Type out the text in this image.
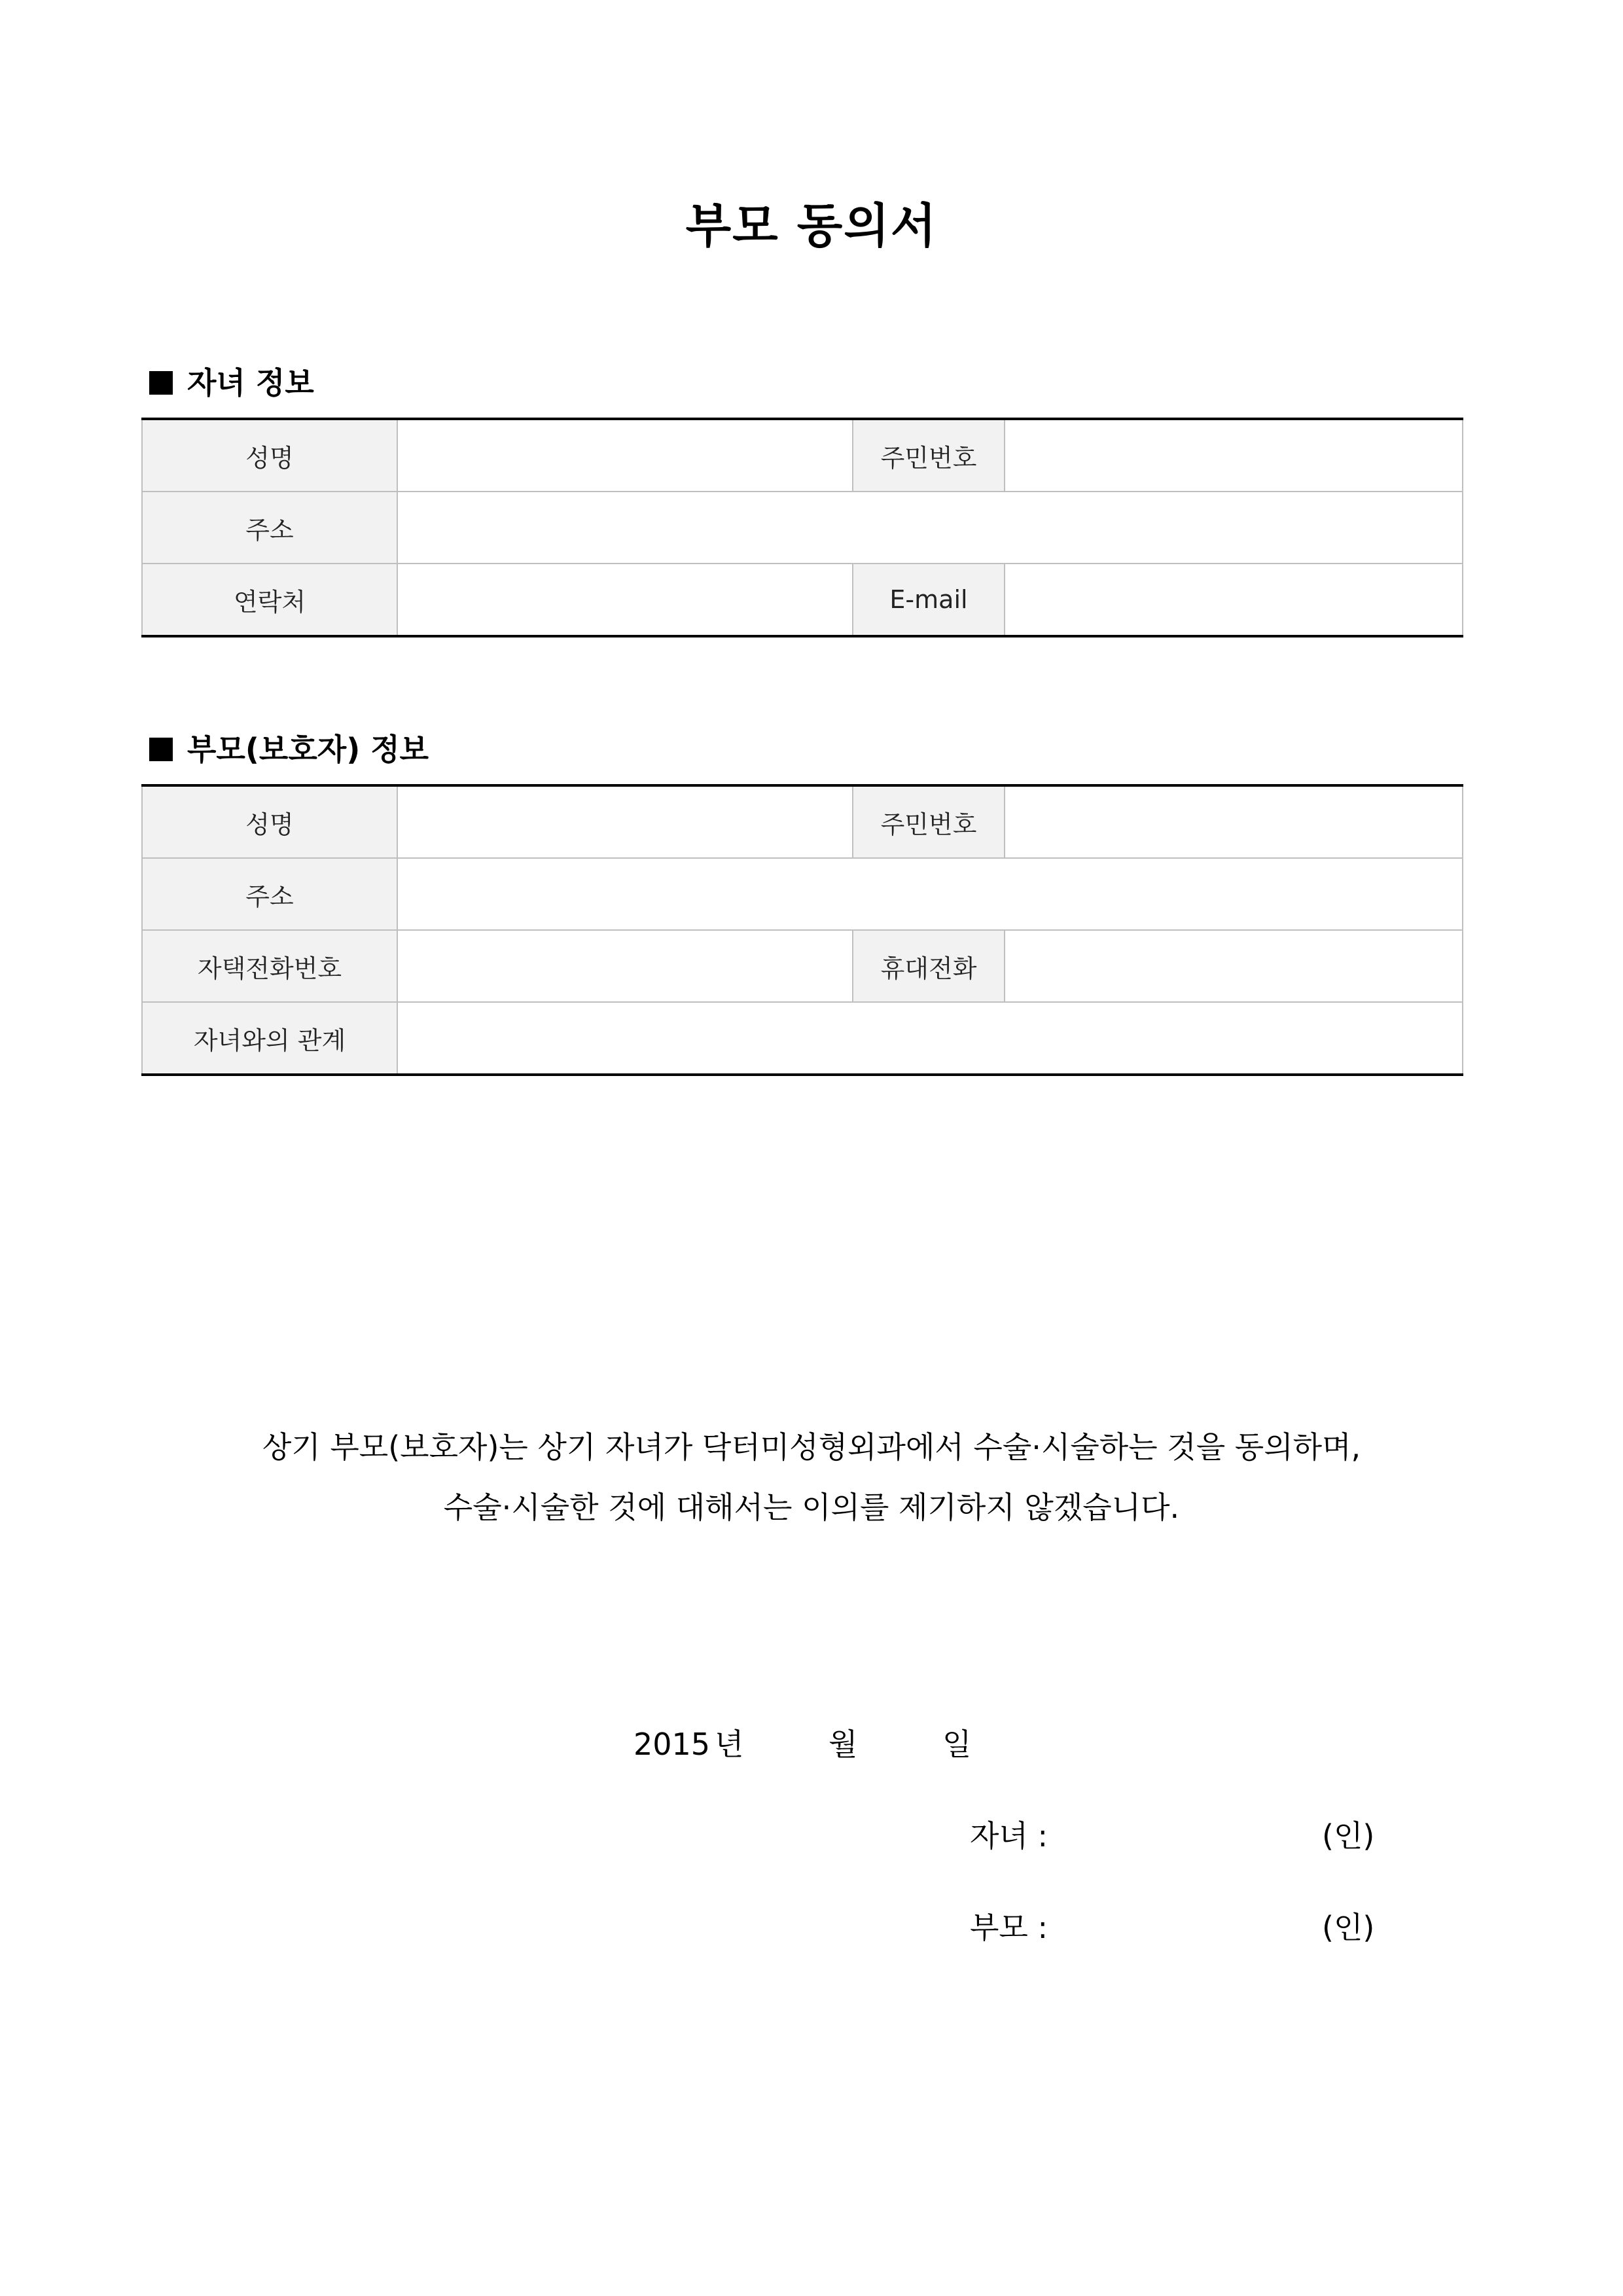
부모 동의서
자녀 정보
성명		주민번호	
주소			
연락처		E-mail	
부모(보호자) 정보
성명		주민번호	
주소			
자택전화번호		휴대전화	
자녀와의 관계			
상기 부모(보호자)는 상기 자녀가 닥터미성형외과에서 수술·시술하는 것을 동의하며,
수술·시술한 것에 대해서는 이의를 제기하지 않겠습니다.
2015 년	월	일
자녀 :	(인)
부모 :	(인)
